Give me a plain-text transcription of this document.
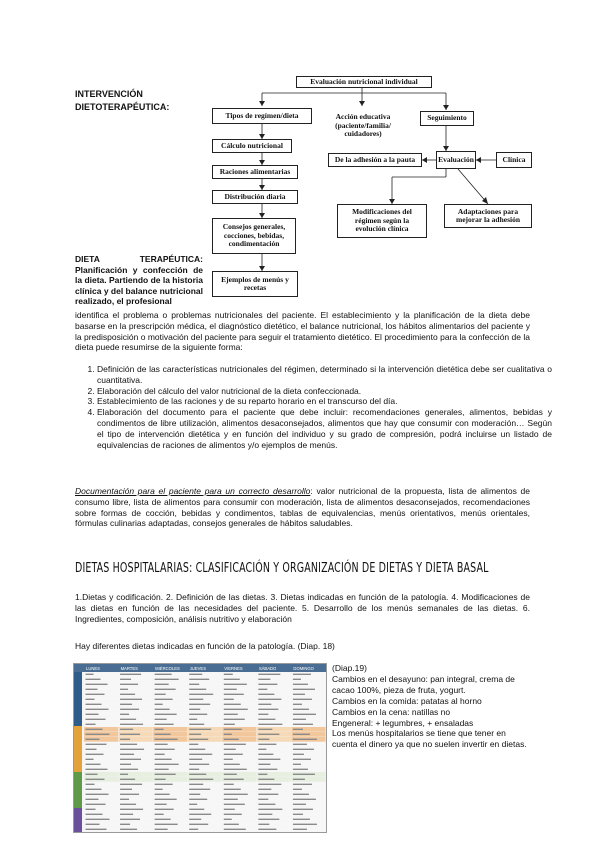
INTERVENCIÓN DIETOTERAPÉUTICA:
Evaluación nutricional individual
Tipos de regímen/dieta	Acción educativa (paciente/familia/ cuidadores)
Seguimiento
Cálculo nutricional
Raciones alimentarias
Distribución diaria
Consejos generales, cocciones, bebidas, condimentación
Ejemplos de menús y recetas
De la adhesión a la pauta	Evaluación	Clínica
Modificaciones del régimen según la evolución clínica
Adaptaciones para mejorar la adhesión
DIETA TERAPÉUTICA: Planificación y confección de la dieta. Partiendo de la historia clínica y del balance nutricional realizado, el profesional
identifica el problema o problemas nutricionales del paciente. El establecimiento y la planificación de la dieta debe basarse en la prescripción médica, el diagnóstico dietético, el balance nutricional, los hábitos alimentarios del paciente y la predisposición o motivación del paciente para seguir el tratamiento dietético. El procedimiento para la confección de la dieta puede resumirse de la siguiente forma:
1. Definición de las características nutricionales del régimen, determinado si la intervención dietética debe ser cualitativa o cuantitativa.
2. Elaboración del cálculo del valor nutricional de la dieta confeccionada.
3. Establecimiento de las raciones y de su reparto horario en el transcurso del día.
4. Elaboración del documento para el paciente que debe incluir: recomendaciones generales, alimentos, bebidas y condimentos de libre utilización, alimentos desaconsejados, alimentos que hay que consumir con moderación… Según el tipo de intervención dietética y en función del individuo y su grado de compresión, podrá incluirse un listado de equivalencias de raciones de alimentos y/o ejemplos de menús.
Documentación para el paciente para un correcto desarrollo: valor nutricional de la propuesta, lista de alimentos de consumo libre, lista de alimentos para consumir con moderación, lista de alimentos desaconsejados, recomendaciones sobre formas de cocción, bebidas y condimentos, tablas de equivalencias, menús orientativos, menús orientales, fórmulas culinarias adaptadas, consejos generales de hábitos saludables.
DIETAS HOSPITALARIAS: CLASIFICACIÓN Y ORGANIZACIÓN DE DIETAS Y DIETA BASAL
1.Dietas y codificación. 2. Definición de las dietas. 3. Dietas indicadas en función de la patología. 4. Modificaciones de las dietas en función de las necesidades del paciente. 5. Desarrollo de los menús semanales de las dietas. 6. Ingredientes, composición, análisis nutritivo y elaboración
Hay diferentes dietas indicadas en función de la patología. (Diap. 18)
LUNES	MARTES	MIÉRCOLES JUEVES	VIERNES	SÁBADO	DOMINGO (Diap.19)
Cambios en el desayuno: pan integral, crema de cacao 100%, pieza de fruta, yogurt.
Cambios en la comida: patatas al horno
Cambios en la cena: natillas no
Engeneral: + legumbres, + ensaladas
Los menús hospitalarios se tiene que tener en cuenta el dinero ya que no suelen invertir en dietas.
